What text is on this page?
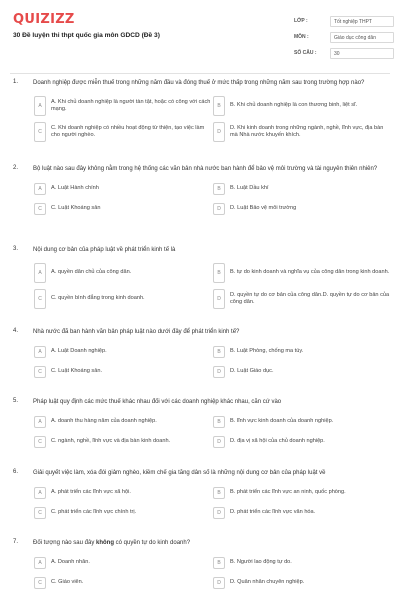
QUIZIZZ
30 Đề luyện thi thpt quốc gia môn GDCD (Đề 3)
LỚP :	Tốt nghiệp THPT
MÔN :	Giáo dục công dân
SỐ CÂU :	30
1. Doanh nghiệp được miễn thuế trong những năm đầu và đóng thuế ở mức thấp trong những năm sau trong trường hợp nào?
A
A. Khi chủ doanh nghiệp là người tàn tật, hoặc có công với cách mạng.	B	B. Khi chủ doanh nghiệp là con thương binh, liệt sĩ.
C
C. Khi doanh nghiệp có nhiều hoạt động từ thiện, tạo việc làm cho người nghèo.	D
D. Khi kinh doanh trong những ngành, nghề, lĩnh vực, địa bàn mà Nhà nước khuyến khích.
2. Bộ luật nào sau đây không nằm trong hệ thống các văn bản nhà nước ban hành để bảo vệ môi trường và tài nguyên thiên nhiên?
A	A. Luật Hành chính	B	B. Luật Dầu khí
C	C. Luật Khoáng sản	D	D. Luật Bảo vệ môi trường
3. Nội dung cơ bản của pháp luật về phát triển kinh tế là
A	A. quyền dân chủ của công dân.	B	B. tự do kinh doanh và nghĩa vụ của công dân trong kinh doanh.
C	C. quyền bình đẳng trong kinh doanh.	D
D. quyền tự do cơ bản của công dân.D. quyền tự do cơ bản của công dân.
4. Nhà nước đã ban hành văn bản pháp luật nào dưới đây để phát triển kinh tế?
A	A. Luật Doanh nghiệp.	B	B. Luật Phòng, chống ma túy.
C	C. Luật Khoáng sản.	D	D. Luật Giáo dục.
5. Pháp luật quy định các mức thuế khác nhau đối với các doanh nghiệp khác nhau, căn cứ vào
A	A. doanh thu hàng năm của doanh nghiệp.	B	B. lĩnh vực kinh doanh của doanh nghiệp.
C	C. ngành, nghề, lĩnh vực và địa bàn kinh doanh.	D	D. địa vị xã hội của chủ doanh nghiệp.
6. Giải quyết việc làm, xóa đói giảm nghèo, kiềm chế gia tăng dân số là những nội dung cơ bản của pháp luật về
A	A. phát triển các lĩnh vực xã hội.	B	B. phát triển các lĩnh vực an ninh, quốc phòng.
C	C. phát triển các lĩnh vực chính trị.	D	D. phát triển các lĩnh vực văn hóa.
7. Đối tượng nào sau đây không có quyền tự do kinh doanh?
A	A. Doanh nhân.	B	B. Người lao động tự do.
C	C. Giáo viên.	D	D. Quân nhân chuyên nghiệp.
